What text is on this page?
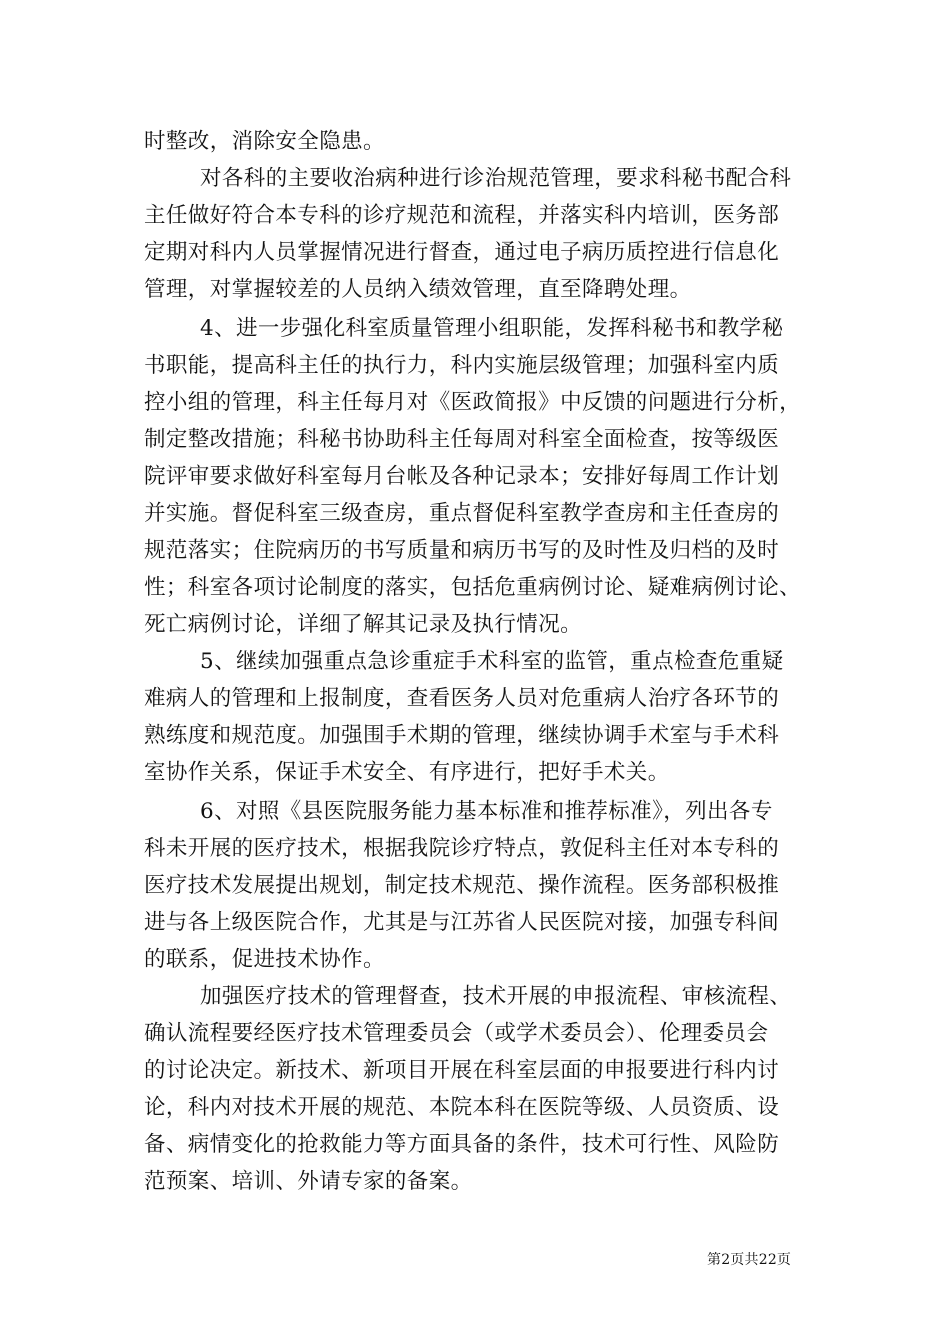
时整改，消除安全隐患。
对各科的主要收治病种进行诊治规范管理，要求科秘书配合科
主任做好符合本专科的诊疗规范和流程，并落实科内培训，医务部
定期对科内人员掌握情况进行督查，通过电子病历质控进行信息化
管理，对掌握较差的人员纳入绩效管理，直至降聘处理。
4、进一步强化科室质量管理小组职能，发挥科秘书和教学秘
书职能，提高科主任的执行力，科内实施层级管理；加强科室内质
控小组的管理，科主任每月对《医政简报》中反馈的问题进行分析，
制定整改措施；科秘书协助科主任每周对科室全面检查，按等级医
院评审要求做好科室每月台帐及各种记录本；安排好每周工作计划
并实施。督促科室三级查房，重点督促科室教学查房和主任查房的
规范落实；住院病历的书写质量和病历书写的及时性及归档的及时
性；科室各项讨论制度的落实，包括危重病例讨论、疑难病例讨论、
死亡病例讨论，详细了解其记录及执行情况。
5、继续加强重点急诊重症手术科室的监管，重点检查危重疑
难病人的管理和上报制度，查看医务人员对危重病人治疗各环节的
熟练度和规范度。加强围手术期的管理，继续协调手术室与手术科
室协作关系，保证手术安全、有序进行，把好手术关。
6、对照《县医院服务能力基本标准和推荐标准》，列出各专
科未开展的医疗技术，根据我院诊疗特点，敦促科主任对本专科的
医疗技术发展提出规划，制定技术规范、操作流程。医务部积极推
进与各上级医院合作，尤其是与江苏省人民医院对接，加强专科间
的联系，促进技术协作。
加强医疗技术的管理督查，技术开展的申报流程、审核流程、
确认流程要经医疗技术管理委员会（或学术委员会）、伦理委员会
的讨论决定。新技术、新项目开展在科室层面的申报要进行科内讨
论，科内对技术开展的规范、本院本科在医院等级、人员资质、设
备、病情变化的抢救能力等方面具备的条件，技术可行性、风险防
范预案、培训、外请专家的备案。
第2页共22页
